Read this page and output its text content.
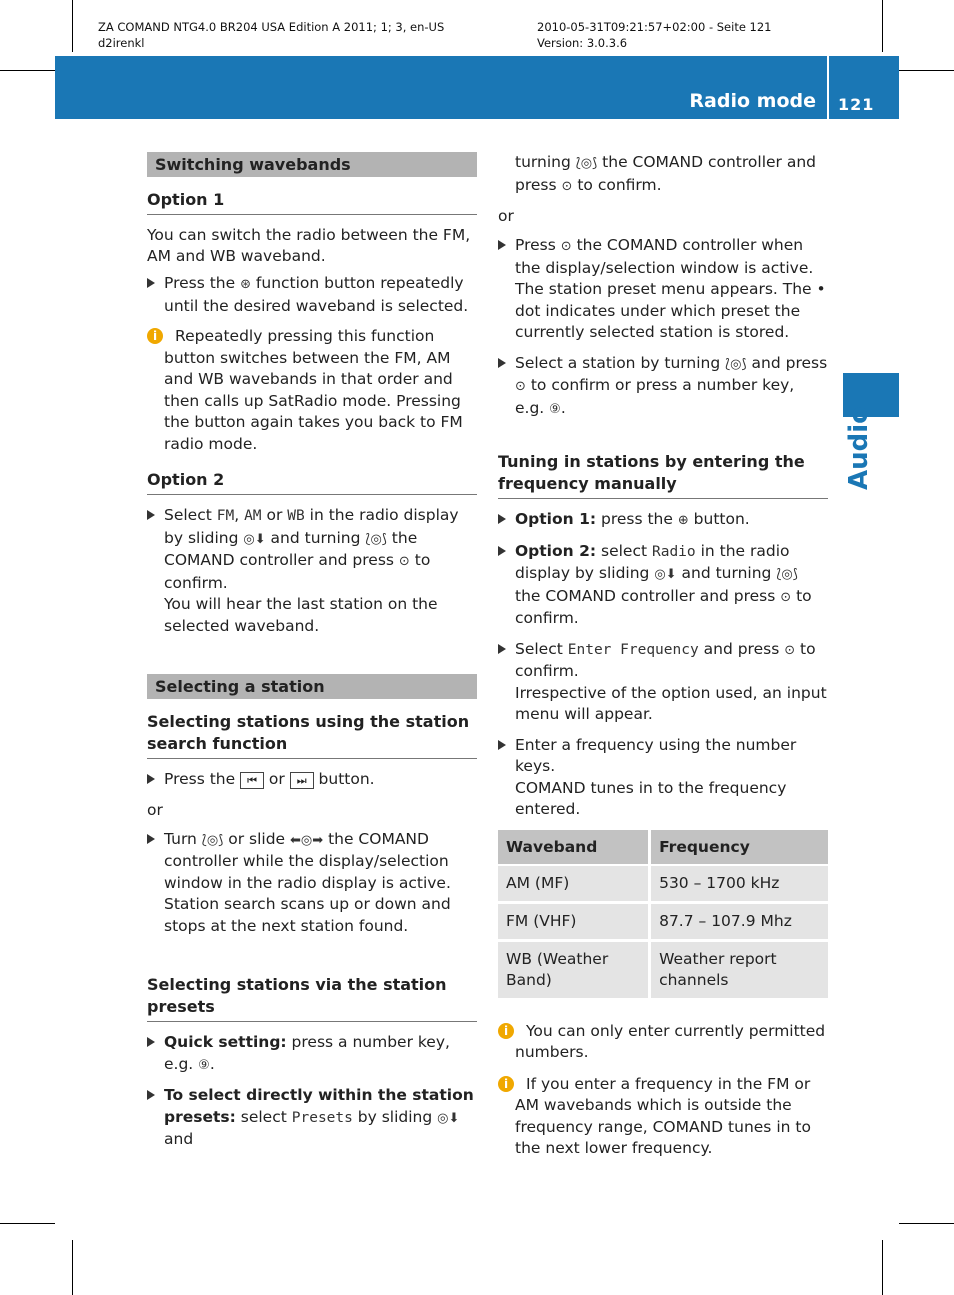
ZA COMAND NTG4.0 BR204 USA Edition A 2011; 1; 3, en-US
d2irenkl
2010-05-31T09:21:57+02:00 - Seite 121
Version: 3.0.3.6
Radio mode 121
Audio
Switching wavebands
Option 1

You can switch the radio between the FM, AM and WB waveband.

Press the ⊛ function button repeatedly until the desired waveband is selected.
i	Repeatedly pressing this function button switches between the FM, AM and WB wavebands in that order and then calls up SatRadio mode. Pressing the button again takes you back to FM radio mode.
Option 2
Select FM, AM or WB in the radio display by sliding ◎⬇ and turning ⟅◎⟆ the COMAND controller and press ⊙ to confirm.
You will hear the last station on the selected waveband.
Selecting a station
Selecting stations using the station search function
Press the ⏮ or ⏭ button.

or

Turn ⟅◎⟆ or slide ⬅◎➡ the COMAND controller while the display/selection window in the radio display is active.
Station search scans up or down and stops at the next station found.
Selecting stations via the station presets
Quick setting: press a number key, e.g. ⑨.
To select directly within the station presets: select Presets by sliding ◎⬇ and
turning ⟅◎⟆ the COMAND controller and press ⊙ to confirm.

or

Press ⊙ the COMAND controller when the display/selection window is active.
The station preset menu appears. The • dot indicates under which preset the currently selected station is stored.
Select a station by turning ⟅◎⟆ and press ⊙ to confirm or press a number key, e.g. ⑨.
Tuning in stations by entering the frequency manually
Option 1: press the ⊕ button.
Option 2: select Radio in the radio display by sliding ◎⬇ and turning ⟅◎⟆ the COMAND controller and press ⊙ to confirm.
Select Enter Frequency and press ⊙ to confirm.
Irrespective of the option used, an input menu will appear.
Enter a frequency using the number keys.
COMAND tunes in to the frequency entered.
Waveband	Frequency
AM (MF)	530 – 1700 kHz
FM (VHF)	87.7 – 107.9 Mhz
WB (Weather Band)	Weather report channels
i	You can only enter currently permitted numbers.
i	If you enter a frequency in the FM or AM wavebands which is outside the frequency range, COMAND tunes in to the next lower frequency.
